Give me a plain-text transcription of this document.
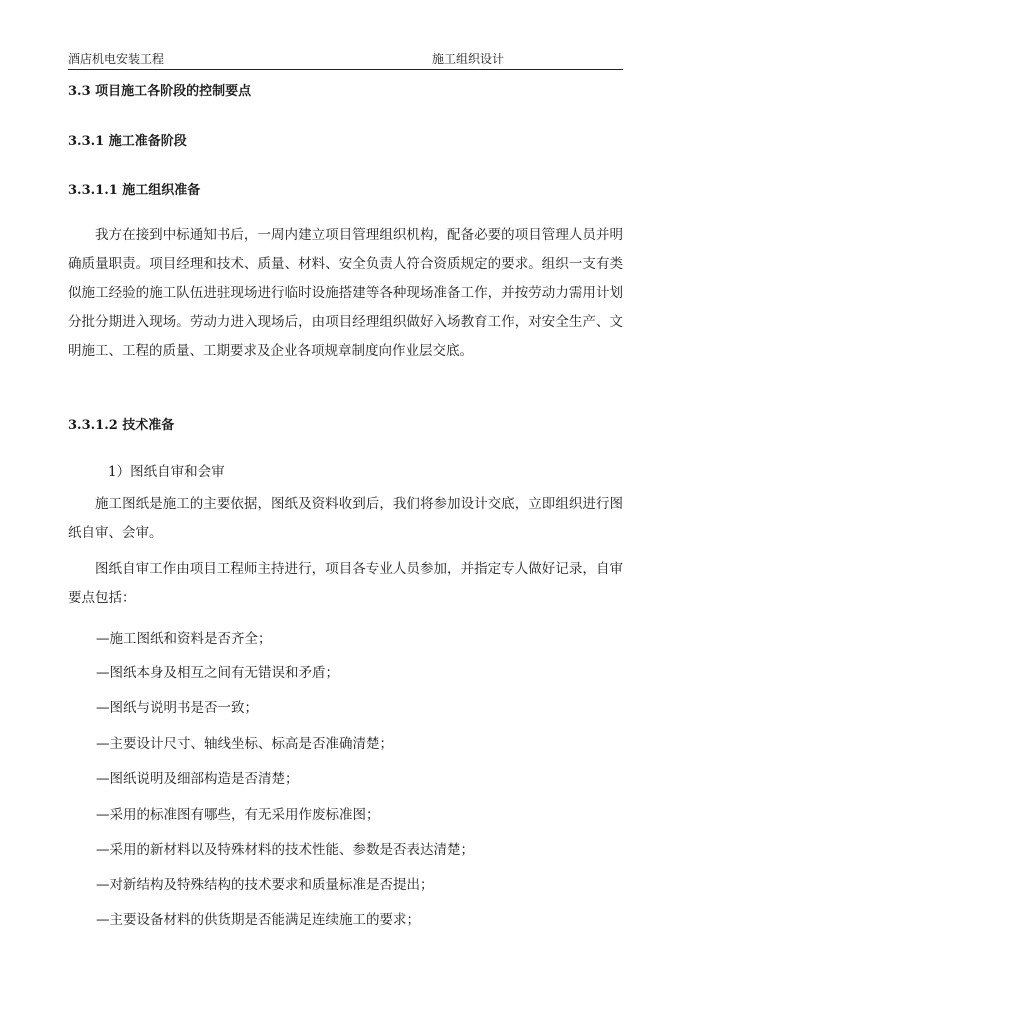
酒店机电安装工程	施工组织设计
3.3 项目施工各阶段的控制要点
3.3.1 施工准备阶段
3.3.1.1 施工组织准备
我方在接到中标通知书后，一周内建立项目管理组织机构，配备必要的项目管理人员并明确质量职责。项目经理和技术、质量、材料、安全负责人符合资质规定的要求。组织一支有类似施工经验的施工队伍进驻现场进行临时设施搭建等各种现场准备工作，并按劳动力需用计划分批分期进入现场。劳动力进入现场后，由项目经理组织做好入场教育工作，对安全生产、文明施工、工程的质量、工期要求及企业各项规章制度向作业层交底。
3.3.1.2 技术准备
1）图纸自审和会审
施工图纸是施工的主要依据，图纸及资料收到后，我们将参加设计交底，立即组织进行图纸自审、会审。
图纸自审工作由项目工程师主持进行，项目各专业人员参加，并指定专人做好记录，自审要点包括：
—施工图纸和资料是否齐全；
—图纸本身及相互之间有无错误和矛盾；
—图纸与说明书是否一致；
—主要设计尺寸、轴线坐标、标高是否准确清楚；
—图纸说明及细部构造是否清楚；
—采用的标准图有哪些，有无采用作废标准图；
—采用的新材料以及特殊材料的技术性能、参数是否表达清楚；
—对新结构及特殊结构的技术要求和质量标准是否提出；
—主要设备材料的供货期是否能满足连续施工的要求；
